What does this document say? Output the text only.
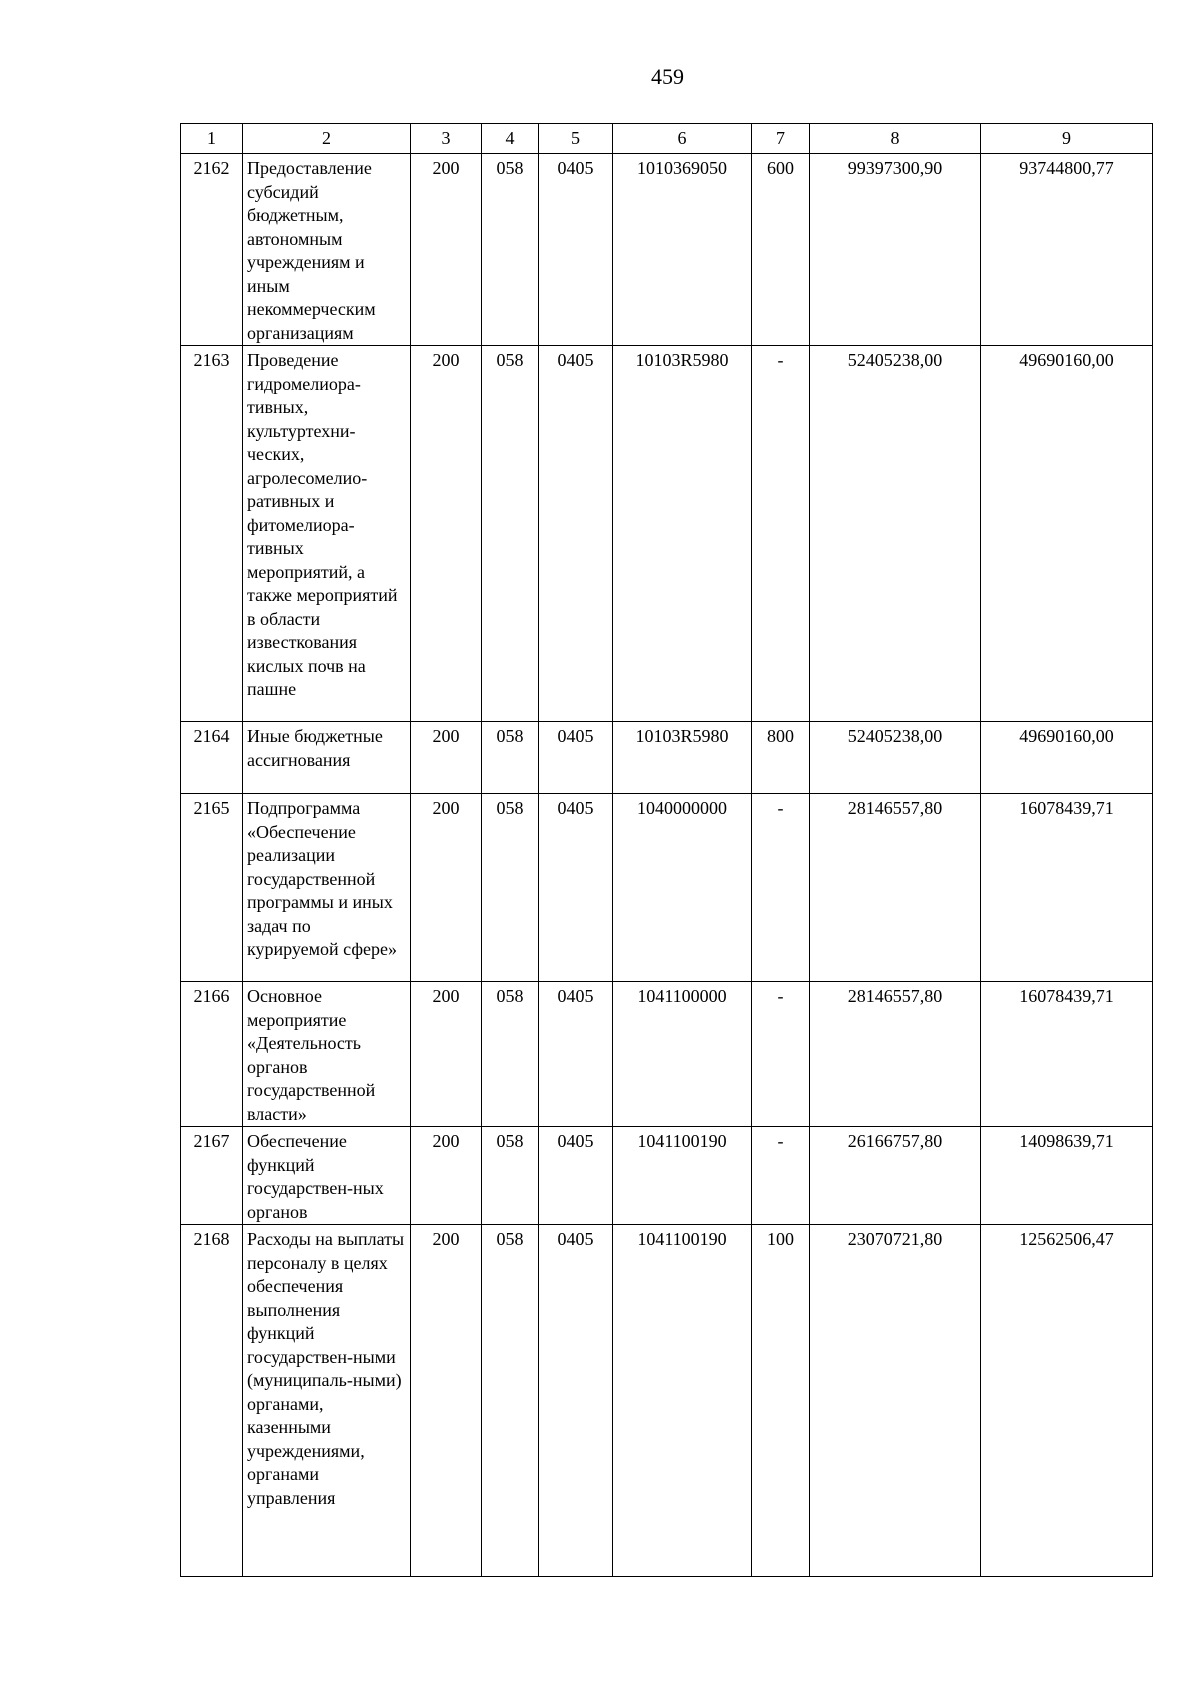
459
1	2	3	4	5	6	7	8	9
2162	Предоставление субсидий бюджетным, автономным учреждениям и иным некоммерческим организациям	200	058	0405	1010369050	600	99397300,90	93744800,77
2163	Проведение гидромелиора-тивных, культуртехни-ческих, агролесомелио-ративных и фитомелиора-тивных мероприятий, а также мероприятий в области известкования кислых почв на пашне	200	058	0405	10103R5980	-	52405238,00	49690160,00
2164	Иные бюджетные ассигнования	200	058	0405	10103R5980	800	52405238,00	49690160,00
2165	Подпрограмма «Обеспечение реализации государственной программы и иных задач по курируемой сфере»	200	058	0405	1040000000	-	28146557,80	16078439,71
2166	Основное мероприятие «Деятельность органов государственной власти»	200	058	0405	1041100000	-	28146557,80	16078439,71
2167	Обеспечение функций государствен-ных органов	200	058	0405	1041100190	-	26166757,80	14098639,71
2168	Расходы на выплаты персоналу в целях обеспечения выполнения функций государствен-ными (муниципаль-ными) органами, казенными учреждениями, органами управления	200	058	0405	1041100190	100	23070721,80	12562506,47
